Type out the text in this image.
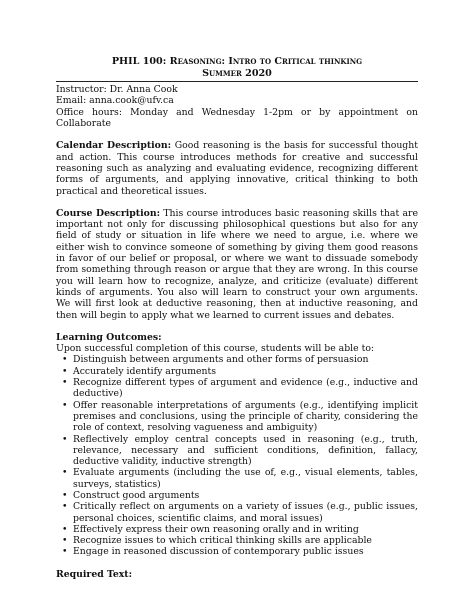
PHIL 100: Reasoning: Intro to Critical thinking
Summer 2020

Instructor: Dr. Anna Cook

Email: anna.cook@ufv.ca

Office hours: Monday and Wednesday 1-2pm or by appointment on Collaborate

Calendar Description: Good reasoning is the basis for successful thought and action. This course introduces methods for creative and successful reasoning such as analyzing and evaluating evidence, recognizing different forms of arguments, and applying innovative, critical thinking to both practical and theoretical issues.

Course Description: This course introduces basic reasoning skills that are important not only for discussing philosophical questions but also for any field of study or situation in life where we need to argue, i.e. where we either wish to convince someone of something by giving them good reasons in favor of our belief or proposal, or where we want to dissuade somebody from something through reason or argue that they are wrong. In this course you will learn how to recognize, analyze, and criticize (evaluate) different kinds of arguments. You also will learn to construct your own arguments. We will first look at deductive reasoning, then at inductive reasoning, and then will begin to apply what we learned to current issues and debates.

Learning Outcomes:

Upon successful completion of this course, students will be able to:

• Distinguish between arguments and other forms of persuasion
• Accurately identify arguments
• Recognize different types of argument and evidence (e.g., inductive and deductive)
• Offer reasonable interpretations of arguments (e.g., identifying implicit premises and conclusions, using the principle of charity, considering the role of context, resolving vagueness and ambiguity)
• Reflectively employ central concepts used in reasoning (e.g., truth, relevance, necessary and sufficient conditions, definition, fallacy, deductive validity, inductive strength)
• Evaluate arguments (including the use of, e.g., visual elements, tables, surveys, statistics)
• Construct good arguments
• Critically reflect on arguments on a variety of issues (e.g., public issues, personal choices, scientific claims, and moral issues)
• Effectively express their own reasoning orally and in writing
• Recognize issues to which critical thinking skills are applicable
• Engage in reasoned discussion of contemporary public issues

Required Text:
